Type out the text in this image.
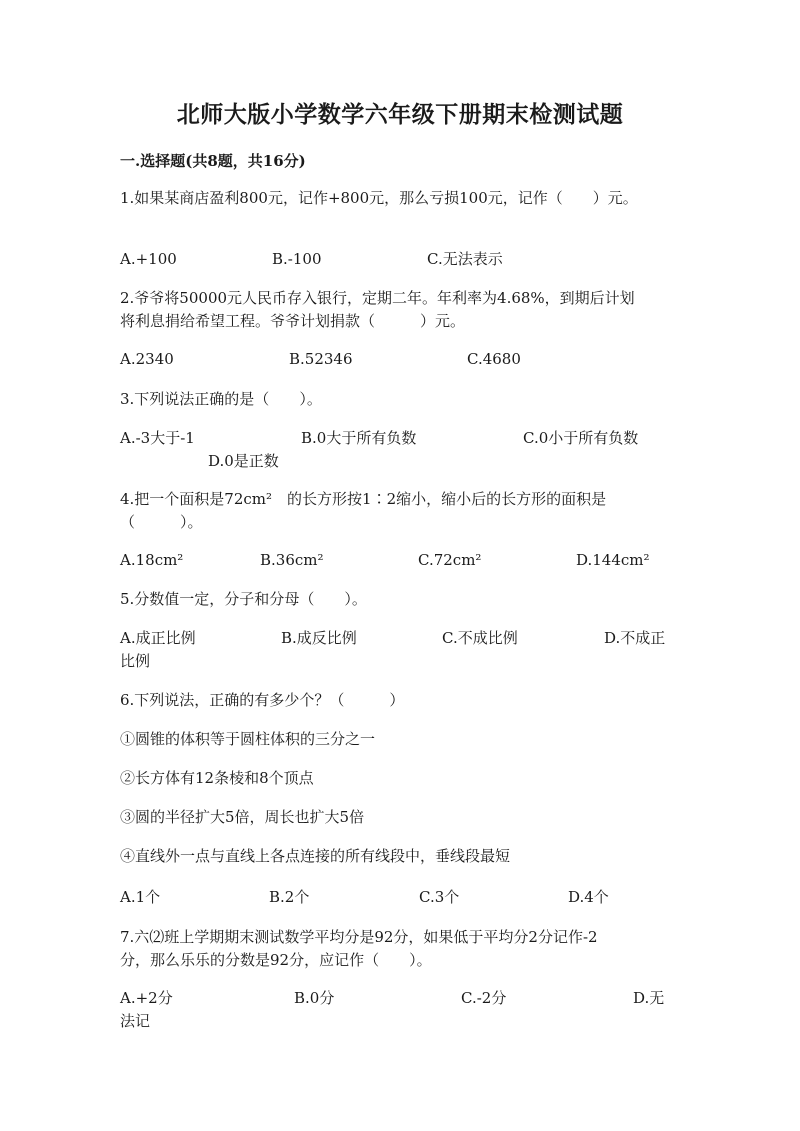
北师大版小学数学六年级下册期末检测试题
一.选择题(共8题，共16分)
1.如果某商店盈利800元，记作+800元，那么亏损100元，记作（　　）元。
A.+100	B.-100	C.无法表示
2.爷爷将50000元人民币存入银行，定期二年。年利率为4.68%，到期后计划
将利息捐给希望工程。爷爷计划捐款（　　　）元。
A.2340	B.52346	C.4680
3.下列说法正确的是（　　）。
A.-3大于-1	B.0大于所有负数	C.0小于所有负数
D.0是正数
4.把一个面积是72cm²　的长方形按1∶2缩小，缩小后的长方形的面积是
（　　　）。
A.18cm²	B.36cm²	C.72cm²	D.144cm²
5.分数值一定，分子和分母（　　）。
A.成正比例	B.成反比例	C.不成比例	D.不成正
比例
6.下列说法，正确的有多少个？（　　　）
①圆锥的体积等于圆柱体积的三分之一
②长方体有12条棱和8个顶点
③圆的半径扩大5倍，周长也扩大5倍
④直线外一点与直线上各点连接的所有线段中，垂线段最短
A.1个	B.2个	C.3个	D.4个
7.六⑵班上学期期末测试数学平均分是92分，如果低于平均分2分记作-2
分，那么乐乐的分数是92分，应记作（　　）。
A.+2分	B.0分	C.-2分	D.无
法记
